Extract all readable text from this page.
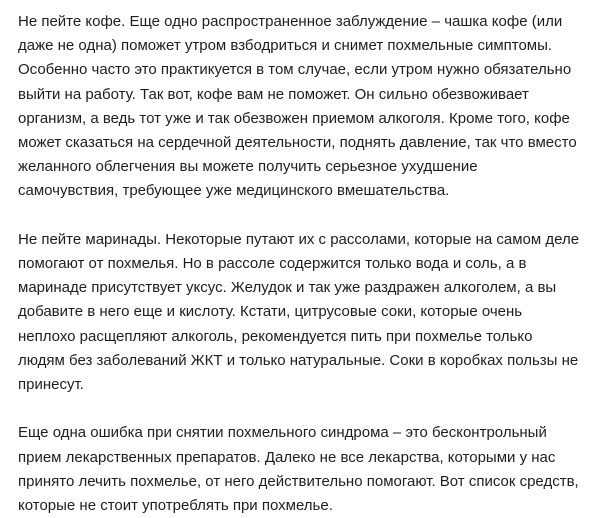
Не пейте кофе. Еще одно распространенное заблуждение – чашка кофе (или
даже не одна) поможет утром взбодриться и снимет похмельные симптомы.
Особенно часто это практикуется в том случае, если утром нужно обязательно
выйти на работу. Так вот, кофе вам не поможет. Он сильно обезвоживает
организм, а ведь тот уже и так обезвожен приемом алкоголя. Кроме того, кофе
может сказаться на сердечной деятельности, поднять давление, так что вместо
желанного облегчения вы можете получить серьезное ухудшение
самочувствия, требующее уже медицинского вмешательства.

Не пейте маринады. Некоторые путают их с рассолами, которые на самом деле
помогают от похмелья. Но в рассоле содержится только вода и соль, а в
маринаде присутствует уксус. Желудок и так уже раздражен алкоголем, а вы
добавите в него еще и кислоту. Кстати, цитрусовые соки, которые очень
неплохо расщепляют алкоголь, рекомендуется пить при похмелье только
людям без заболеваний ЖКТ и только натуральные. Соки в коробках пользы не
принесут.

Еще одна ошибка при снятии похмельного синдрома – это бесконтрольный
прием лекарственных препаратов. Далеко не все лекарства, которыми у нас
принято лечить похмелье, от него действительно помогают. Вот список средств,
которые не стоит употреблять при похмелье.
